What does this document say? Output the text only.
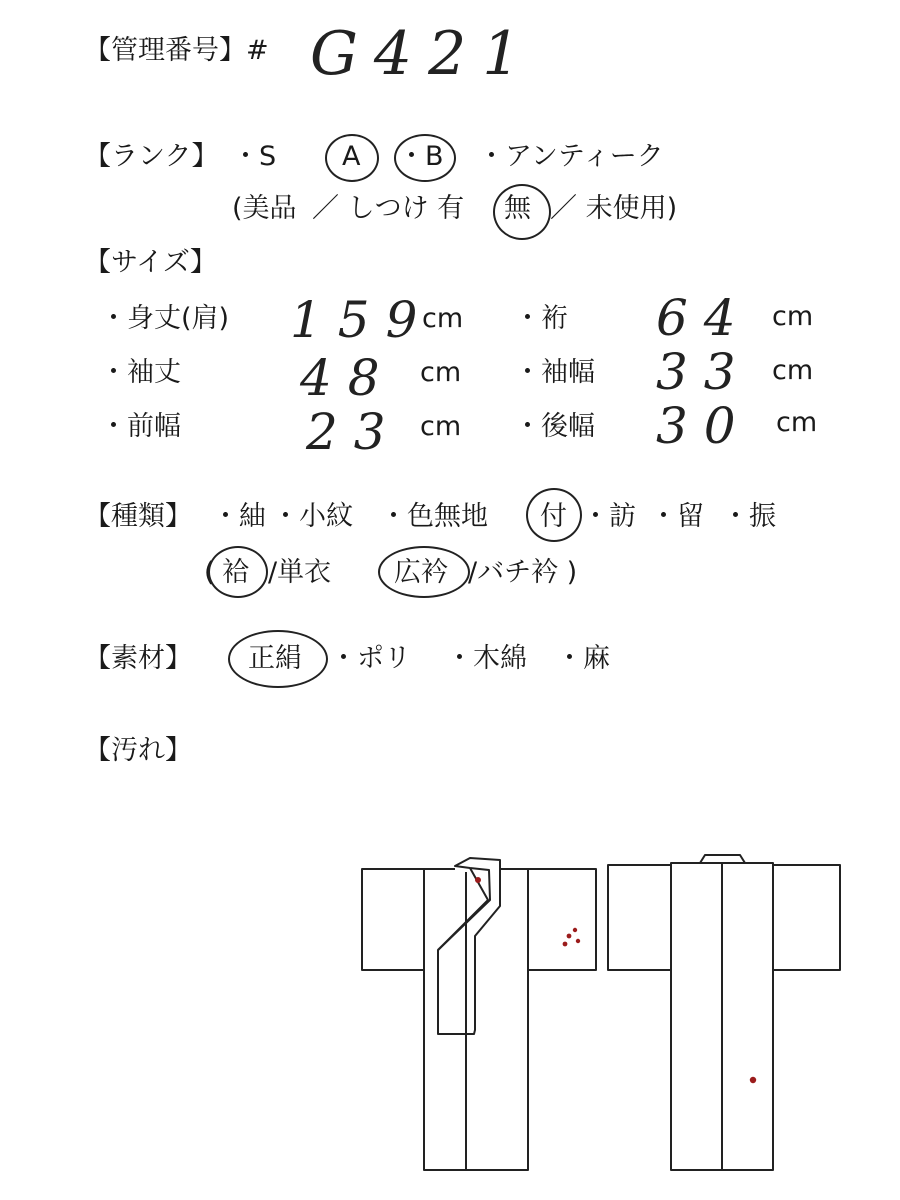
【管理番号】# G421
【ランク】 ・S A ・B ・アンティーク
(美品 ／ しつけ 有 無 ／ 未使用)
【サイズ】
・身丈(肩) 159
cm ・裄 64 cm
・袖丈 48 cm ・袖幅 33 cm
・前幅	23 cm ・後幅 30 cm
【種類】 ・紬 ・小紋 ・色無地 付 ・訪 ・留 ・振
( 袷 /単衣 広衿 /バチ衿 )
【素材】 正絹 ・ポリ ・木綿 ・麻
【汚れ】
